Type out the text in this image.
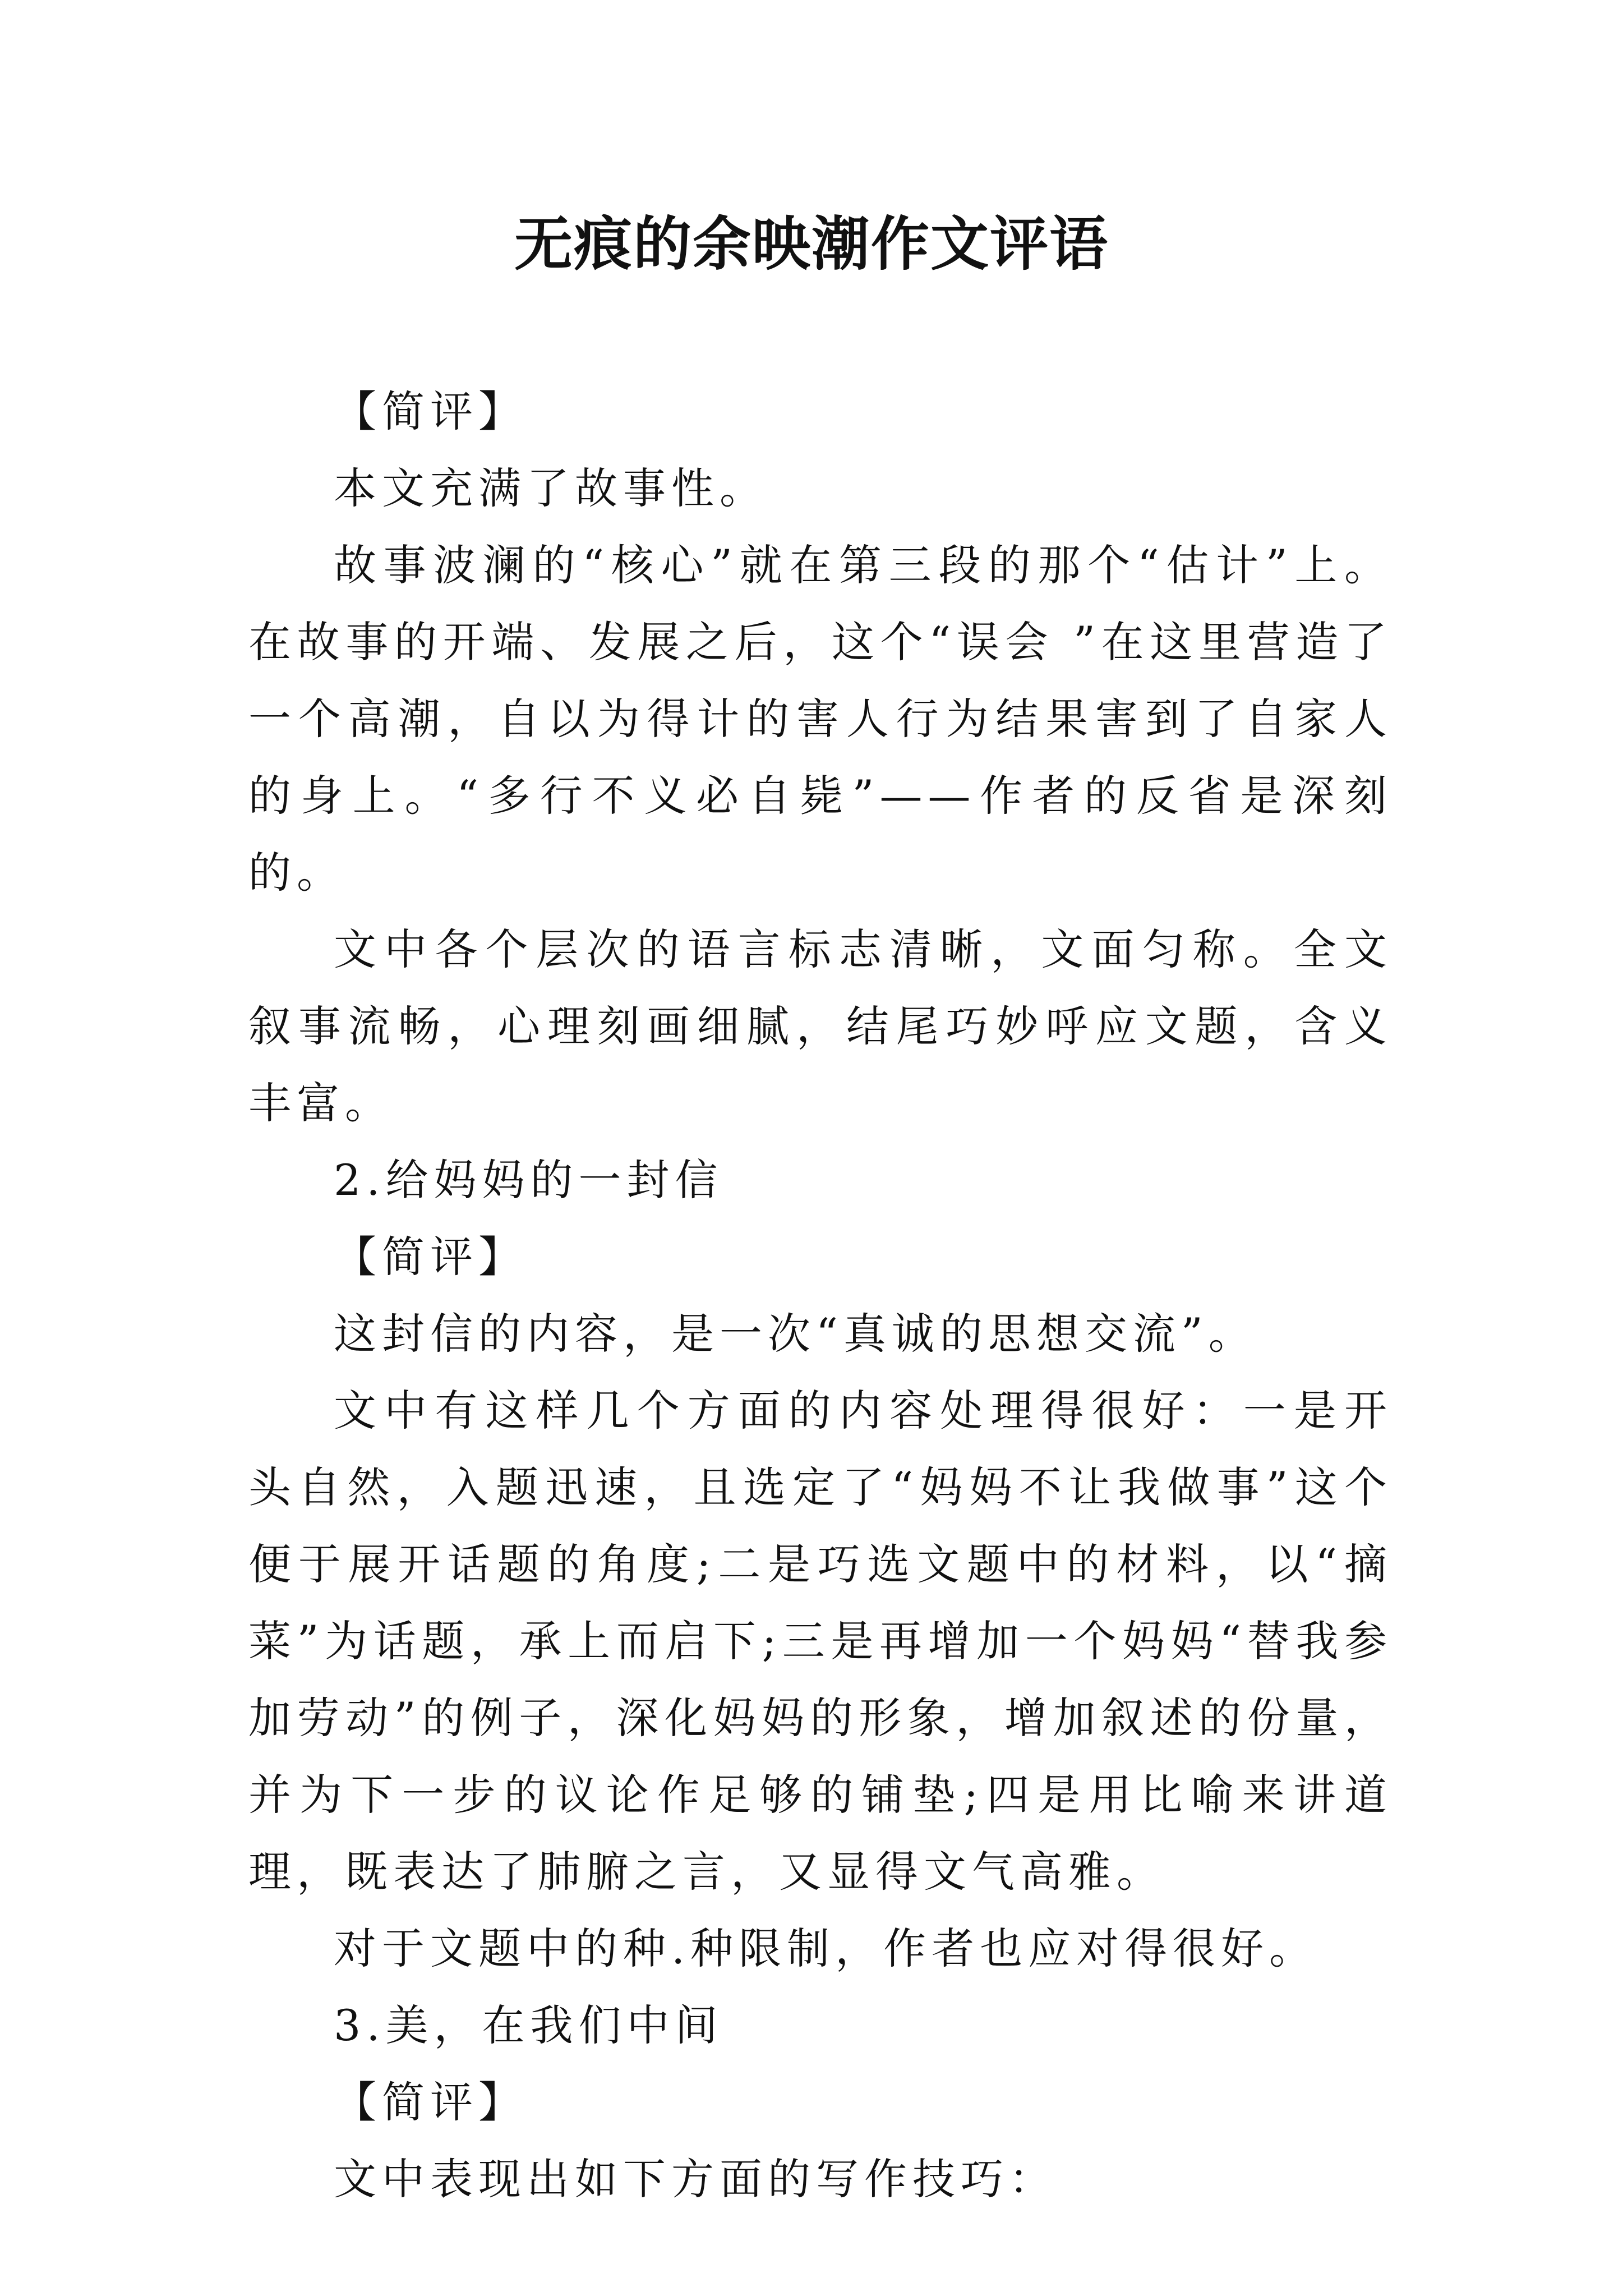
无痕的余映潮作文评语

【简评】

本文充满了故事性。

故事波澜的“核心”就在第三段的那个“估计”上。在故事的开端、发展之后，这个“误会 ”在这里营造了一个高潮，自以为得计的害人行为结果害到了自家人的身上。“多行不义必自毙”——作者的反省是深刻的。

文中各个层次的语言标志清晰，文面匀称。全文叙事流畅，心理刻画细腻，结尾巧妙呼应文题，含义丰富。

2.给妈妈的一封信

【简评】

这封信的内容，是一次“真诚的思想交流”。

文中有这样几个方面的内容处理得很好：一是开头自然，入题迅速，且选定了“妈妈不让我做事”这个便于展开话题的角度;二是巧选文题中的材料，以“摘菜”为话题，承上而启下;三是再增加一个妈妈“替我参加劳动”的例子，深化妈妈的形象，增加叙述的份量，并为下一步的议论作足够的铺垫;四是用比喻来讲道理，既表达了肺腑之言，又显得文气高雅。

对于文题中的种.种限制，作者也应对得很好。

3.美，在我们中间

【简评】

文中表现出如下方面的写作技巧：
